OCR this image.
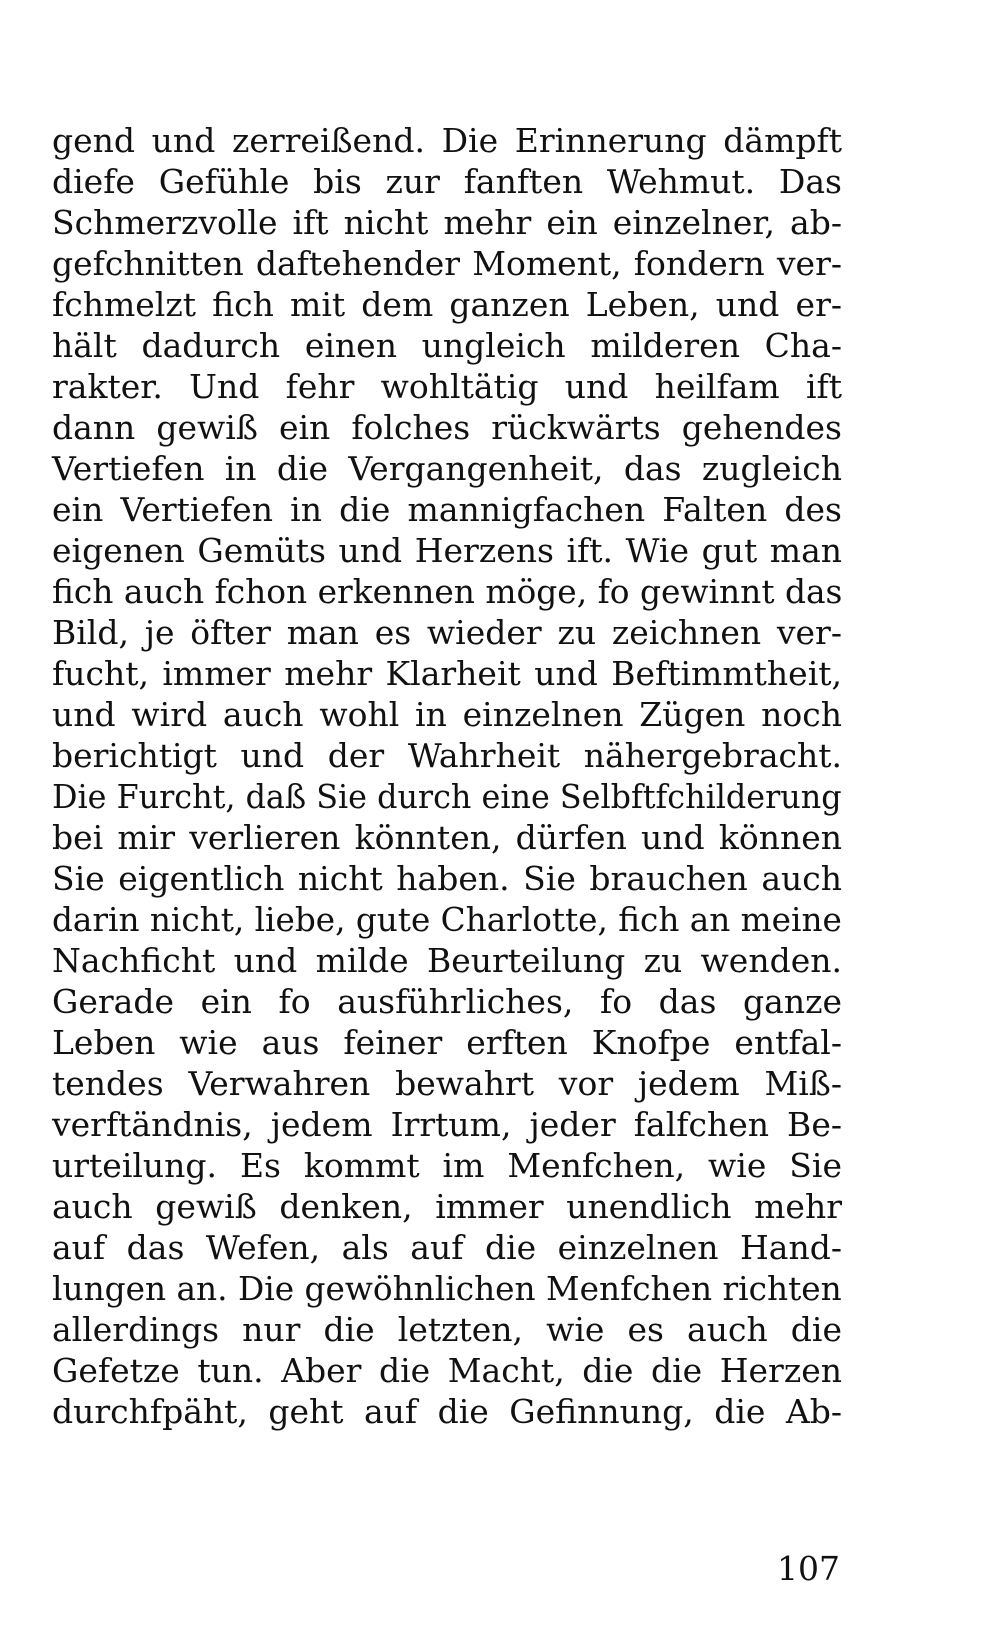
gend und zerreißend. Die Erinnerung dämpft
diefe Gefühle bis zur fanften Wehmut. Das
Schmerzvolle ift nicht mehr ein einzelner, ab-
gefchnitten daftehender Moment, fondern ver-
fchmelzt fich mit dem ganzen Leben, und er-
hält dadurch einen ungleich milderen Cha-
rakter. Und fehr wohltätig und heilfam ift
dann gewiß ein folches rückwärts gehendes
Vertiefen in die Vergangenheit, das zugleich
ein Vertiefen in die mannigfachen Falten des
eigenen Gemüts und Herzens ift. Wie gut man
fich auch fchon erkennen möge, fo gewinnt das
Bild, je öfter man es wieder zu zeichnen ver-
fucht, immer mehr Klarheit und Beftimmtheit,
und wird auch wohl in einzelnen Zügen noch
berichtigt und der Wahrheit nähergebracht.
Die Furcht, daß Sie durch eine Selbftfchilderung
bei mir verlieren könnten, dürfen und können
Sie eigentlich nicht haben. Sie brauchen auch
darin nicht, liebe, gute Charlotte, fich an meine
Nachficht und milde Beurteilung zu wenden.
Gerade ein fo ausführliches, fo das ganze
Leben wie aus feiner erften Knofpe entfal-
tendes Verwahren bewahrt vor jedem Miß-
verftändnis, jedem Irrtum, jeder falfchen Be-
urteilung. Es kommt im Menfchen, wie Sie
auch gewiß denken, immer unendlich mehr
auf das Wefen, als auf die einzelnen Hand-
lungen an. Die gewöhnlichen Menfchen richten
allerdings nur die letzten, wie es auch die
Gefetze tun. Aber die Macht, die die Herzen
durchfpäht, geht auf die Gefinnung, die Ab-
107
